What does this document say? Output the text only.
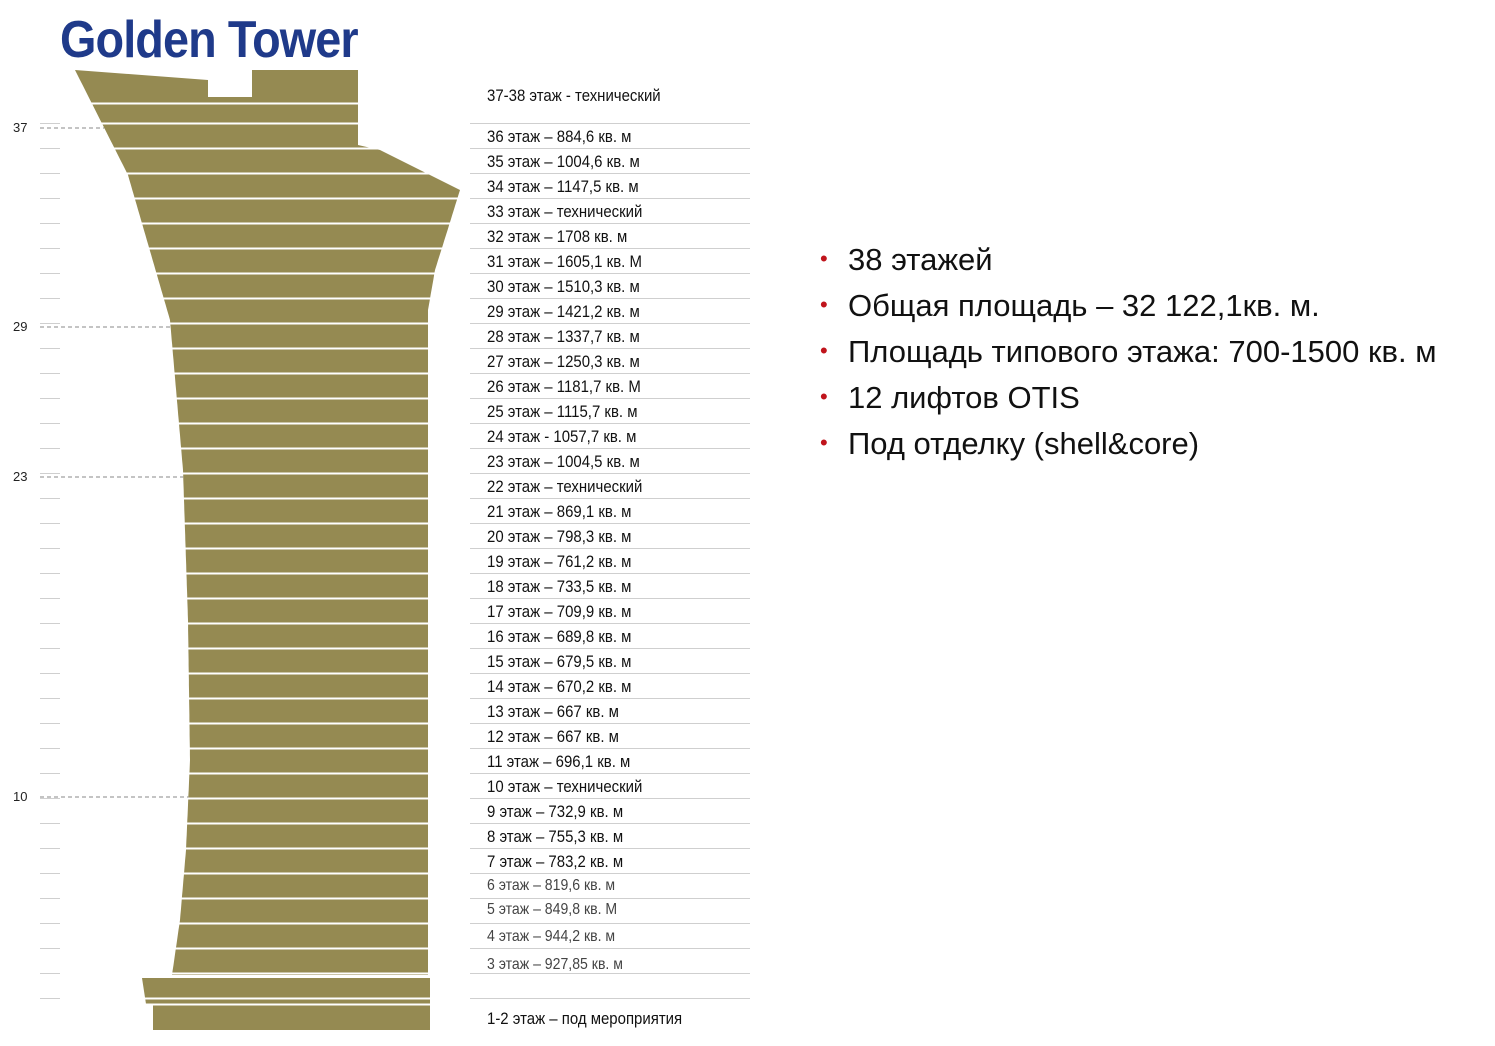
Golden Tower
37-38 этаж - технический
36 этаж – 884,6 кв. м
35 этаж – 1004,6 кв. м
34 этаж – 1147,5 кв. м
33 этаж – технический
32 этаж – 1708 кв. м
31 этаж – 1605,1 кв. М
30 этаж – 1510,3 кв. м
29 этаж – 1421,2 кв. м
28 этаж – 1337,7 кв. м
27 этаж – 1250,3 кв. м
26 этаж – 1181,7 кв. М
25 этаж – 1115,7 кв. м
24 этаж - 1057,7 кв. м
23 этаж – 1004,5 кв. м
22 этаж – технический
21 этаж – 869,1 кв. м
20 этаж – 798,3 кв. м
19 этаж – 761,2 кв. м
18 этаж – 733,5 кв. м
17 этаж – 709,9 кв. м
16 этаж – 689,8 кв. м
15 этаж – 679,5 кв. м
14 этаж – 670,2 кв. м
13 этаж – 667 кв. м
12 этаж – 667 кв. м
11 этаж – 696,1 кв. м
10 этаж – технический
9 этаж – 732,9 кв. м
8 этаж – 755,3 кв. м
7 этаж – 783,2 кв. м
6 этаж – 819,6 кв. м
5 этаж – 849,8 кв. М
4 этаж – 944,2 кв. м
3 этаж – 927,85 кв. м
1-2 этаж – под мероприятия
37
29
23
10
• 38 этажей
• Общая площадь – 32 122,1кв. м.
• Площадь типового этажа: 700-1500 кв. м
• 12 лифтов OTIS
• Под отделку (shell&core)
